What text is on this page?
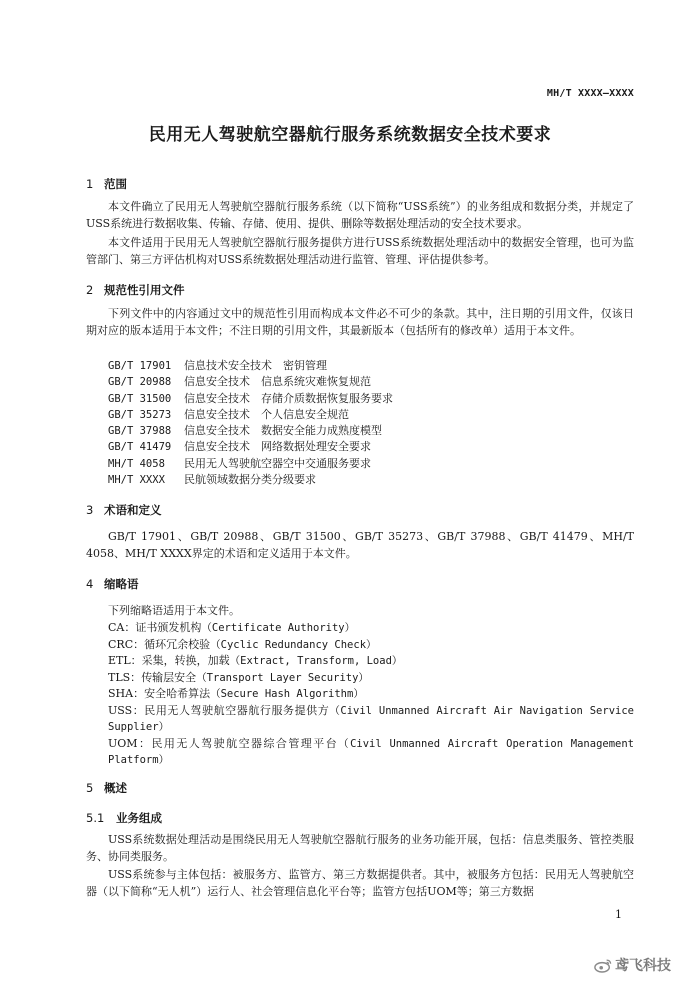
MH/T XXXX—XXXX
民用无人驾驶航空器航行服务系统数据安全技术要求
1 范围

本文件确立了民用无人驾驶航空器航行服务系统（以下简称“USS系统”）的业务组成和数据分类，并规定了USS系统进行数据收集、传输、存储、使用、提供、删除等数据处理活动的安全技术要求。

本文件适用于民用无人驾驶航空器航行服务提供方进行USS系统数据处理活动中的数据安全管理，也可为监管部门、第三方评估机构对USS系统数据处理活动进行监管、管理、评估提供参考。

2 规范性引用文件

下列文件中的内容通过文中的规范性引用而构成本文件必不可少的条款。其中，注日期的引用文件，仅该日期对应的版本适用于本文件；不注日期的引用文件，其最新版本（包括所有的修改单）适用于本文件。

GB/T 17901 信息技术安全技术　密钥管理
GB/T 20988 信息安全技术　信息系统灾难恢复规范
GB/T 31500 信息安全技术　存储介质数据恢复服务要求
GB/T 35273 信息安全技术　个人信息安全规范
GB/T 37988 信息安全技术　数据安全能力成熟度模型
GB/T 41479 信息安全技术　网络数据处理安全要求
MH/T 4058 民用无人驾驶航空器空中交通服务要求
MH/T XXXX 民航领域数据分类分级要求
3 术语和定义

GB/T 17901、GB/T 20988、GB/T 31500、GB/T 35273、GB/T 37988、GB/T 41479、MH/T 4058、MH/T XXXX界定的术语和定义适用于本文件。

4 缩略语

下列缩略语适用于本文件。

CA：证书颁发机构（Certificate Authority）
CRC：循环冗余校验（Cyclic Redundancy Check）
ETL：采集，转换，加载（Extract, Transform, Load）
TLS：传输层安全（Transport Layer Security）
SHA：安全哈希算法（Secure Hash Algorithm）
USS：民用无人驾驶航空器航行服务提供方（Civil Unmanned Aircraft Air Navigation Service Supplier）
UOM：民用无人驾驶航空器综合管理平台（Civil Unmanned Aircraft Operation Management Platform）
5 概述
5.1 业务组成

USS系统数据处理活动是围绕民用无人驾驶航空器航行服务的业务功能开展，包括：信息类服务、管控类服务、协同类服务。

USS系统参与主体包括：被服务方、监管方、第三方数据提供者。其中，被服务方包括：民用无人驾驶航空器（以下简称“无人机”）运行人、社会管理信息化平台等；监管方包括UOM等；第三方数据

1
鸢飞科技
